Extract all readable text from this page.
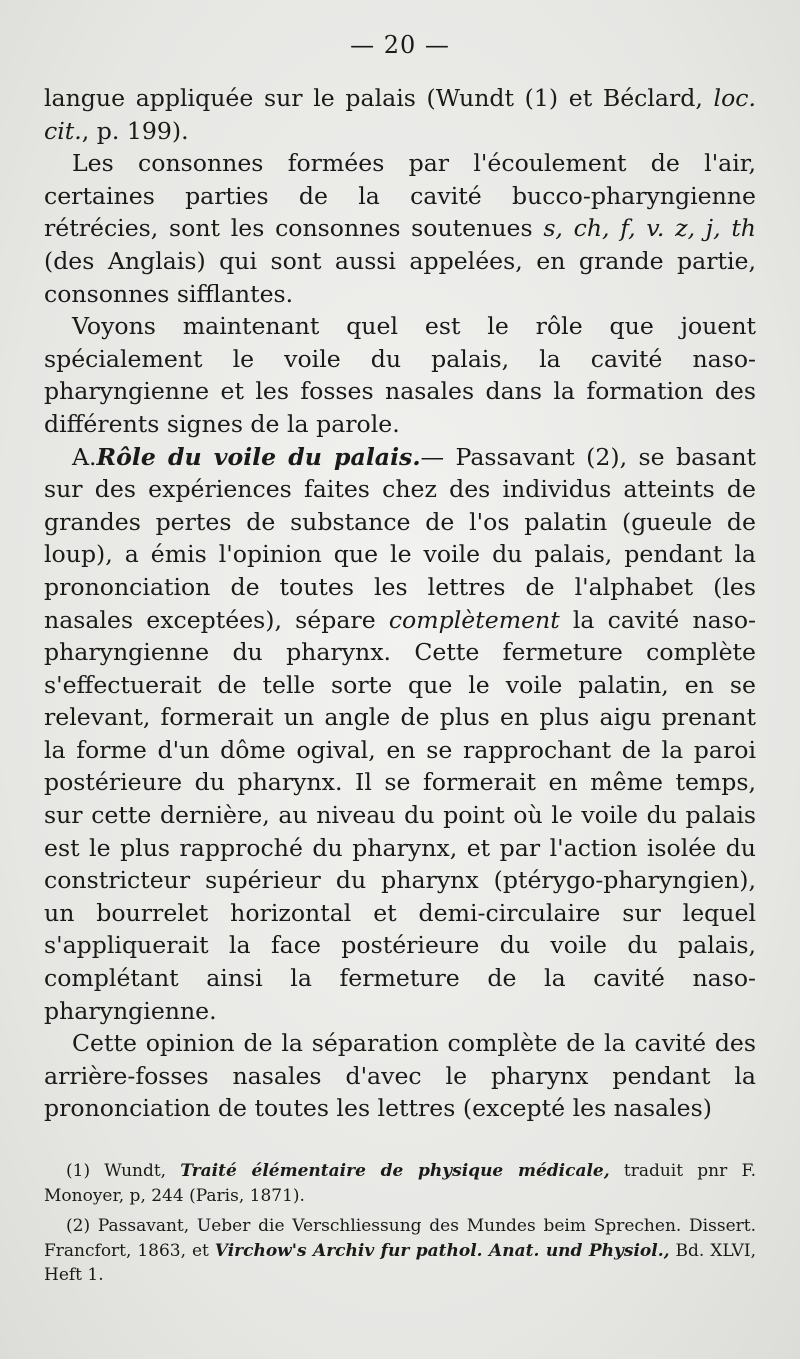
— 20 —

langue appliquée sur le palais (Wundt (1) et Béclard, loc. cit., p. 199).

Les consonnes formées par l'écoulement de l'air, certaines parties de la cavité bucco-pharyngienne rétrécies, sont les consonnes soutenues s, ch, f, v. z, j, th (des Anglais) qui sont aussi appelées, en grande partie, consonnes sifflantes.

Voyons maintenant quel est le rôle que jouent spécialement le voile du palais, la cavité naso-pharyngienne et les fosses nasales dans la formation des différents signes de la parole.

A.Rôle du voile du palais.— Passavant (2), se basant sur des expériences faites chez des individus atteints de grandes pertes de substance de l'os palatin (gueule de loup), a émis l'opinion que le voile du palais, pendant la prononciation de toutes les lettres de l'alphabet (les nasales exceptées), sépare complètement la cavité naso-pharyngienne du pharynx. Cette fermeture complète s'effectuerait de telle sorte que le voile palatin, en se relevant, formerait un angle de plus en plus aigu prenant la forme d'un dôme ogival, en se rapprochant de la paroi postérieure du pharynx. Il se formerait en même temps, sur cette dernière, au niveau du point où le voile du palais est le plus rapproché du pharynx, et par l'action isolée du constricteur supérieur du pharynx (ptérygo-pharyngien), un bourrelet horizontal et demi-circulaire sur lequel s'appliquerait la face postérieure du voile du palais, complétant ainsi la fermeture de la cavité naso-pharyngienne.

Cette opinion de la séparation complète de la cavité des arrière-fosses nasales d'avec le pharynx pendant la prononciation de toutes les lettres (excepté les nasales)

(1) Wundt, Traité élémentaire de physique médicale, traduit pnr F. Monoyer, p, 244 (Paris, 1871).

(2) Passavant, Ueber die Verschliessung des Mundes beim Sprechen. Dissert. Francfort, 1863, et Virchow's Archiv fur pathol. Anat. und Physiol., Bd. XLVI, Heft 1.
